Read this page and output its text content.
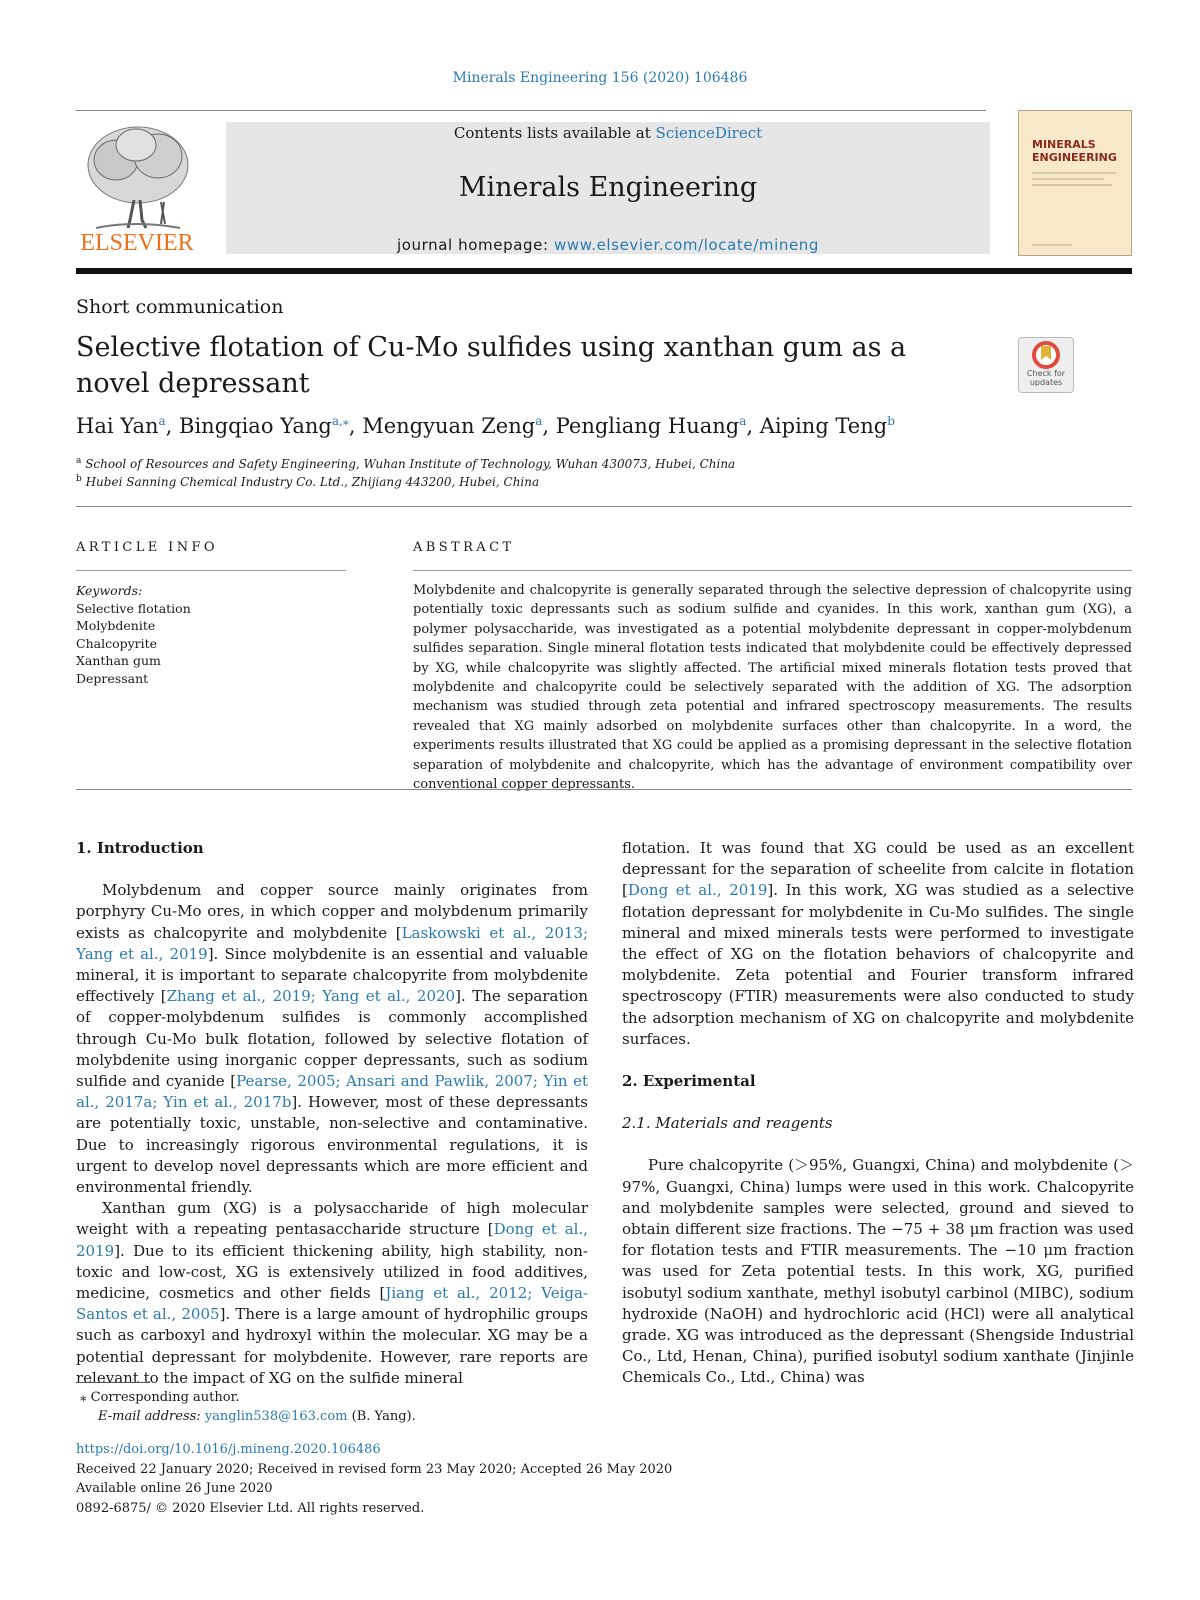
Minerals Engineering 156 (2020) 106486
ELSEVIER
Contents lists available at ScienceDirect
Minerals Engineering
journal homepage: www.elsevier.com/locate/mineng
MINERALS ENGINEERING
Short communication
Selective flotation of Cu-Mo sulfides using xanthan gum as a novel depressant	Check for updates
Hai Yan$^a$, Bingqiao Yang$^{a,⁎}$, Mengyuan Zeng$^a$, Pengliang Huang$^a$, Aiping Teng$^b$
$^a$ School of Resources and Safety Engineering, Wuhan Institute of Technology, Wuhan 430073, Hubei, China
$^b$ Hubei Sanning Chemical Industry Co. Ltd., Zhijiang 443200, Hubei, China
ARTICLE INFO	ABSTRACT
Keywords:
Selective flotation
Molybdenite
Chalcopyrite
Xanthan gum
Depressant
Molybdenite and chalcopyrite is generally separated through the selective depression of chalcopyrite using potentially toxic depressants such as sodium sulfide and cyanides. In this work, xanthan gum (XG), a polymer polysaccharide, was investigated as a potential molybdenite depressant in copper-molybdenum sulfides separation. Single mineral flotation tests indicated that molybdenite could be effectively depressed by XG, while chalcopyrite was slightly affected. The artificial mixed minerals flotation tests proved that molybdenite and chalcopyrite could be selectively separated with the addition of XG. The adsorption mechanism was studied through zeta potential and infrared spectroscopy measurements. The results revealed that XG mainly adsorbed on molybdenite surfaces other than chalcopyrite. In a word, the experiments results illustrated that XG could be applied as a promising depressant in the selective flotation separation of molybdenite and chalcopyrite, which has the advantage of environment compatibility over conventional copper depressants.
1. Introduction

Molybdenum and copper source mainly originates from porphyry Cu-Mo ores, in which copper and molybdenum primarily exists as chalcopyrite and molybdenite [Laskowski et al., 2013; Yang et al., 2019]. Since molybdenite is an essential and valuable mineral, it is important to separate chalcopyrite from molybdenite effectively [Zhang et al., 2019; Yang et al., 2020]. The separation of copper-molybdenum sulfides is commonly accomplished through Cu-Mo bulk flotation, followed by selective flotation of molybdenite using inorganic copper depressants, such as sodium sulfide and cyanide [Pearse, 2005; Ansari and Pawlik, 2007; Yin et al., 2017a; Yin et al., 2017b]. However, most of these depressants are potentially toxic, unstable, non-selective and contaminative. Due to increasingly rigorous environmental regulations, it is urgent to develop novel depressants which are more efficient and environmental friendly.

Xanthan gum (XG) is a polysaccharide of high molecular weight with a repeating pentasaccharide structure [Dong et al., 2019]. Due to its efficient thickening ability, high stability, non-toxic and low-cost, XG is extensively utilized in food additives, medicine, cosmetics and other fields [Jiang et al., 2012; Veiga-Santos et al., 2005]. There is a large amount of hydrophilic groups such as carboxyl and hydroxyl within the molecular. XG may be a potential depressant for molybdenite. However, rare reports are relevant to the impact of XG on the sulfide mineral

flotation. It was found that XG could be used as an excellent depressant for the separation of scheelite from calcite in flotation [Dong et al., 2019]. In this work, XG was studied as a selective flotation depressant for molybdenite in Cu-Mo sulfides. The single mineral and mixed minerals tests were performed to investigate the effect of XG on the flotation behaviors of chalcopyrite and molybdenite. Zeta potential and Fourier transform infrared spectroscopy (FTIR) measurements were also conducted to study the adsorption mechanism of XG on chalcopyrite and molybdenite surfaces.

2. Experimental
2.1. Materials and reagents

Pure chalcopyrite (＞95%, Guangxi, China) and molybdenite (＞97%, Guangxi, China) lumps were used in this work. Chalcopyrite and molybdenite samples were selected, ground and sieved to obtain different size fractions. The −75 + 38 μm fraction was used for flotation tests and FTIR measurements. The −10 μm fraction was used for Zeta potential tests. In this work, XG, purified isobutyl sodium xanthate, methyl isobutyl carbinol (MIBC), sodium hydroxide (NaOH) and hydrochloric acid (HCl) were all analytical grade. XG was introduced as the depressant (Shengside Industrial Co., Ltd, Henan, China), purified isobutyl sodium xanthate (Jinjinle Chemicals Co., Ltd., China) was

⁎ Corresponding author.
E-mail address: yanglin538@163.com (B. Yang).
https://doi.org/10.1016/j.mineng.2020.106486
Received 22 January 2020; Received in revised form 23 May 2020; Accepted 26 May 2020
Available online 26 June 2020
0892-6875/ © 2020 Elsevier Ltd. All rights reserved.
